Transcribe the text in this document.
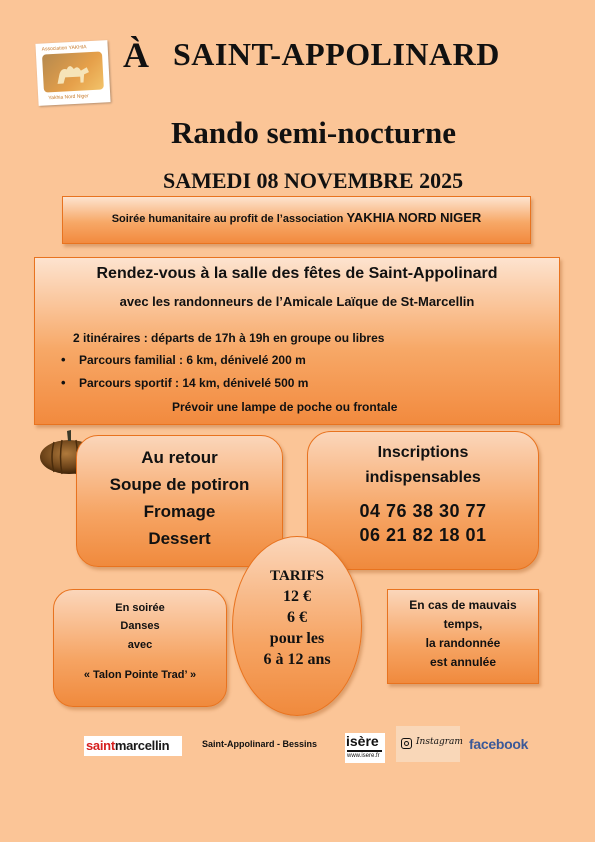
Association YAKHIA
Yakhia Nord Niger
À SAINT-APPOLINARD
Rando semi-nocturne
SAMEDI 08 NOVEMBRE 2025
Soirée humanitaire au profit de l’association YAKHIA NORD NIGER
Rendez-vous à la salle des fêtes de Saint-Appolinard
avec les randonneurs de l’Amicale Laïque de St-Marcellin
2 itinéraires : départs de 17h à 19h en groupe ou libres
• Parcours familial : 6 km, dénivelé 200 m
• Parcours sportif : 14 km, dénivelé 500 m
Prévoir une lampe de poche ou frontale
Au retour
Soupe de potiron
Fromage
Dessert
Inscriptions
indispensables
04 76 38 30 77
06 21 82 18 01
En soirée
Danses
avec
« Talon Pointe Trad’ »
TARIFS
12 €
6 €
pour les
6 à 12 ans
En cas de mauvais
temps,
la randonnée
est annulée
saintmarcellin	Saint-Appolinard - Bessins isère
www.isere.fr
Instagram facebook
